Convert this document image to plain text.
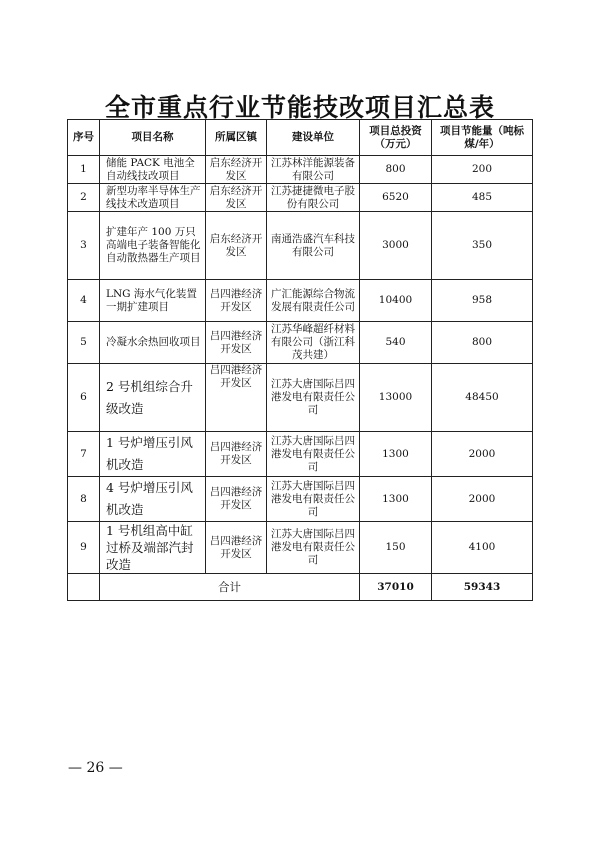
全市重点行业节能技改项目汇总表
序号	项目名称	所属区镇	建设单位	项目总投资（万元）	项目节能量（吨标煤/年）
1	储能 PACK 电池全自动线技改项目	启东经济开发区	江苏林洋能源装备有限公司	800	200
2	新型功率半导体生产线技术改造项目	启东经济开发区	江苏捷捷微电子股份有限公司	6520	485
3	扩建年产 100 万只高端电子装备智能化自动散热器生产项目	启东经济开发区	南通浩盛汽车科技有限公司	3000	350
4	LNG 海水气化装置一期扩建项目	吕四港经济开发区	广汇能源综合物流发展有限责任公司	10400	958
5	冷凝水余热回收项目	吕四港经济开发区	江苏华峰超纤材料有限公司（浙江科茂共建）	540	800
6	2 号机组综合升级改造	吕四港经济开发区	江苏大唐国际吕四港发电有限责任公司	13000	48450
7	1 号炉增压引风机改造	吕四港经济开发区	江苏大唐国际吕四港发电有限责任公司	1300	2000
8	4 号炉增压引风机改造	吕四港经济开发区	江苏大唐国际吕四港发电有限责任公司	1300	2000
9	1 号机组高中缸过桥及端部汽封改造	吕四港经济开发区	江苏大唐国际吕四港发电有限责任公司	150	4100
	合计			37010	59343

— 26 —
